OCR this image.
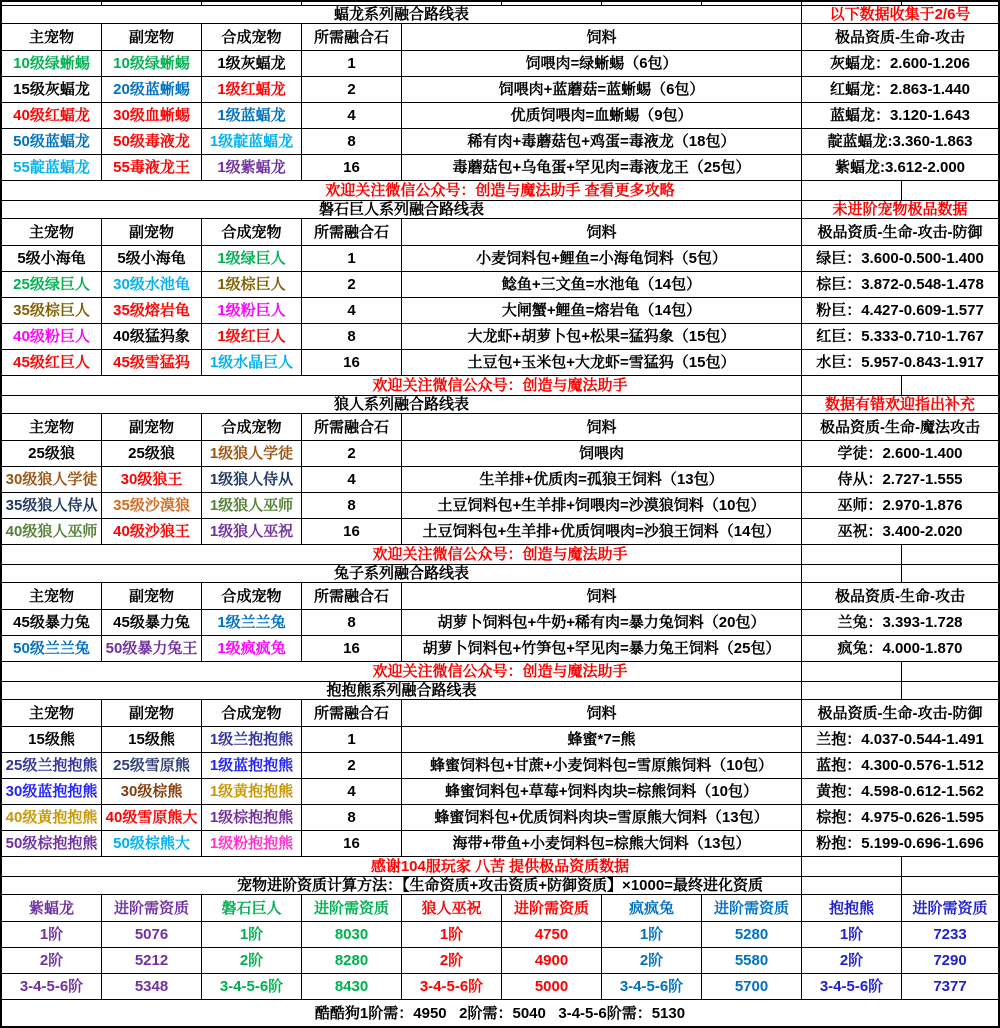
蝠龙系列融合路线表	以下数据收集于2/6号
主宠物	副宠物	合成宠物	所需融合石	饲料	极品资质-生命-攻击
10级绿蜥蜴	10级绿蜥蜴	1级灰蝠龙	1	饲喂肉=绿蜥蜴（6包）	灰蝠龙：2.600-1.206
15级灰蝠龙	20级蓝蜥蜴	1级红蝠龙	2	饲喂肉+蓝蘑菇=蓝蜥蜴（6包）	红蝠龙：2.863-1.440
40级红蝠龙	30级血蜥蜴	1级蓝蝠龙	4	优质饲喂肉=血蜥蜴（9包）	蓝蝠龙：3.120-1.643
50级蓝蝠龙	50级毒液龙	1级靛蓝蝠龙	8	稀有肉+毒蘑菇包+鸡蛋=毒液龙（18包）	靛蓝蝠龙:3.360-1.863
55靛蓝蝠龙	55毒液龙王	1级紫蝠龙	16	毒蘑菇包+乌龟蛋+罕见肉=毒液龙王（25包）	紫蝠龙:3.612-2.000
欢迎关注微信公众号：创造与魔法助手 查看更多攻略
磐石巨人系列融合路线表	未进阶宠物极品数据
主宠物	副宠物	合成宠物	所需融合石	饲料	极品资质-生命-攻击-防御
5级小海龟	5级小海龟	1级绿巨人	1	小麦饲料包+鲤鱼=小海龟饲料（5包）	绿巨：3.600-0.500-1.400
25级绿巨人	30级水池龟	1级棕巨人	2	鲶鱼+三文鱼=水池龟（14包）	棕巨：3.872-0.548-1.478
35级棕巨人	35级熔岩龟	1级粉巨人	4	大闸蟹+鲤鱼=熔岩龟（14包）	粉巨：4.427-0.609-1.577
40级粉巨人	40级猛犸象	1级红巨人	8	大龙虾+胡萝卜包+松果=猛犸象（15包）	红巨：5.333-0.710-1.767
45级红巨人	45级雪猛犸	1级水晶巨人	16	土豆包+玉米包+大龙虾=雪猛犸（15包）	水巨：5.957-0.843-1.917
欢迎关注微信公众号：创造与魔法助手
狼人系列融合路线表	数据有错欢迎指出补充
主宠物	副宠物	合成宠物	所需融合石	饲料	极品资质-生命-魔法攻击
25级狼	25级狼	1级狼人学徒	2	饲喂肉	学徒：2.600-1.400
30级狼人学徒	30级狼王	1级狼人侍从	4	生羊排+优质肉=孤狼王饲料（13包）	侍从：2.727-1.555
35级狼人侍从	35级沙漠狼	1级狼人巫师	8	土豆饲料包+生羊排+饲喂肉=沙漠狼饲料（10包）	巫师：2.970-1.876
40级狼人巫师	40级沙狼王	1级狼人巫祝	16	土豆饲料包+生羊排+优质饲喂肉=沙狼王饲料（14包）	巫祝：3.400-2.020
欢迎关注微信公众号：创造与魔法助手
兔子系列融合路线表
主宠物	副宠物	合成宠物	所需融合石	饲料	极品资质-生命-攻击
45级暴力兔	45级暴力兔	1级兰兰兔	8	胡萝卜饲料包+牛奶+稀有肉=暴力兔饲料（20包）	兰兔：3.393-1.728
50级兰兰兔	50级暴力兔王	1级疯疯兔	16	胡萝卜饲料包+竹笋包+罕见肉=暴力兔王饲料（25包）	疯兔：4.000-1.870
欢迎关注微信公众号：创造与魔法助手
抱抱熊系列融合路线表
主宠物	副宠物	合成宠物	所需融合石	饲料	极品资质-生命-攻击-防御
15级熊	15级熊	1级兰抱抱熊	1	蜂蜜*7=熊	兰抱：4.037-0.544-1.491
25级兰抱抱熊	25级雪原熊	1级蓝抱抱熊	2	蜂蜜饲料包+甘蔗+小麦饲料包=雪原熊饲料（10包）	蓝抱：4.300-0.576-1.512
30级蓝抱抱熊	30级棕熊	1级黄抱抱熊	4	蜂蜜饲料包+草莓+饲料肉块=棕熊饲料（10包）	黄抱：4.598-0.612-1.562
40级黄抱抱熊 40级雪原熊大 1级棕抱抱熊	8	蜂蜜饲料包+优质饲料肉块=雪原熊大饲料（13包）	棕抱：4.975-0.626-1.595
50级棕抱抱熊	50级棕熊大	1级粉抱抱熊	16	海带+带鱼+小麦饲料包=棕熊大饲料（13包）	粉抱：5.199-0.696-1.696
感谢104服玩家 八苦 提供极品资质数据
宠物进阶资质计算方法：【生命资质+攻击资质+防御资质】×1000=最终进化资质
紫蝠龙	进阶需资质	磐石巨人	进阶需资质	狼人巫祝	进阶需资质	疯疯兔	进阶需资质	抱抱熊	进阶需资质
1阶	5076	1阶	8030	1阶	4750	1阶	5280	1阶	7233
2阶	5212	2阶	8280	2阶	4900	2阶	5580	2阶	7290
3-4-5-6阶	5348	3-4-5-6阶	8430	3-4-5-6阶	5000	3-4-5-6阶	5700	3-4-5-6阶	7377
酷酷狗1阶需：4950   2阶需：5040   3-4-5-6阶需：5130
